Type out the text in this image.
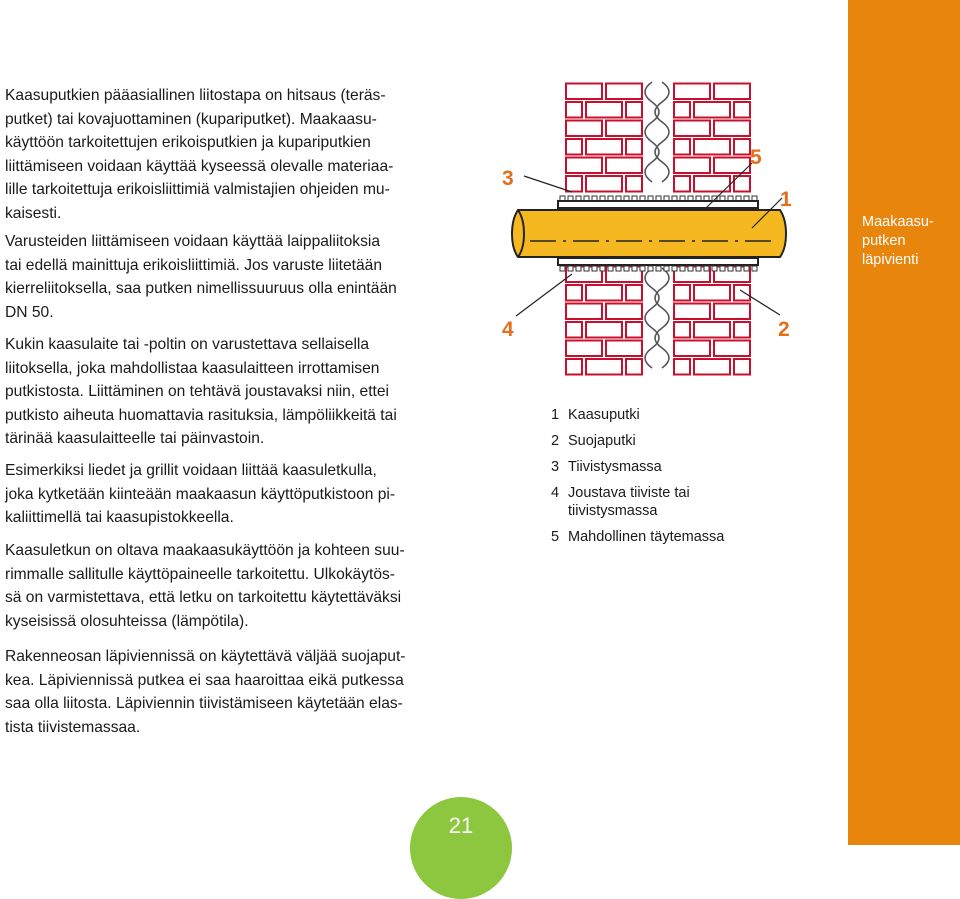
Kaasuputkien pääasiallinen liitostapa on hitsaus (teräs-
putket) tai kovajuottaminen (kupariputket). Maakaasu-
käyttöön tarkoitettujen erikoisputkien ja kupariputkien
liittämiseen voidaan käyttää kyseessä olevalle materiaa-
lille tarkoitettuja erikoisliittimiä valmistajien ohjeiden mu-
kaisesti.
Varusteiden liittämiseen voidaan käyttää laippaliitoksia
tai edellä mainittuja erikoisliittimiä. Jos varuste liitetään
kierreliitoksella, saa putken nimellissuuruus olla enintään
DN 50.
Kukin kaasulaite tai -poltin on varustettava sellaisella
liitoksella, joka mahdollistaa kaasulaitteen irrottamisen
putkistosta. Liittäminen on tehtävä joustavaksi niin, ettei
putkisto aiheuta huomattavia rasituksia, lämpöliikkeitä tai
tärinää kaasulaitteelle tai päinvastoin.
Esimerkiksi liedet ja grillit voidaan liittää kaasuletkulla,
joka kytketään kiinteään maakaasun käyttöputkistoon pi-
kaliittimellä tai kaasupistokkeella.
Kaasuletkun on oltava maakaasukäyttöön ja kohteen suu-
rimmalle sallitulle käyttöpaineelle tarkoitettu. Ulkokäytös-
sä on varmistettava, että letku on tarkoitettu käytettäväksi
kyseisissä olosuhteissa (lämpötila).
Rakenneosan läpiviennissä on käytettävä väljää suojaput-
kea. Läpiviennissä putkea ei saa haaroittaa eikä putkessa
saa olla liitosta. Läpiviennin tiivistämiseen käytetään elas-
tista tiivistemassaa.
Maakaasu-
putken
läpivienti
3
5
1
4	2
1 Kaasuputki
2 Suojaputki
3 Tiivistysmassa
4 Joustava tiiviste tai
tiivistysmassa
5 Mahdollinen täytemassa
21
